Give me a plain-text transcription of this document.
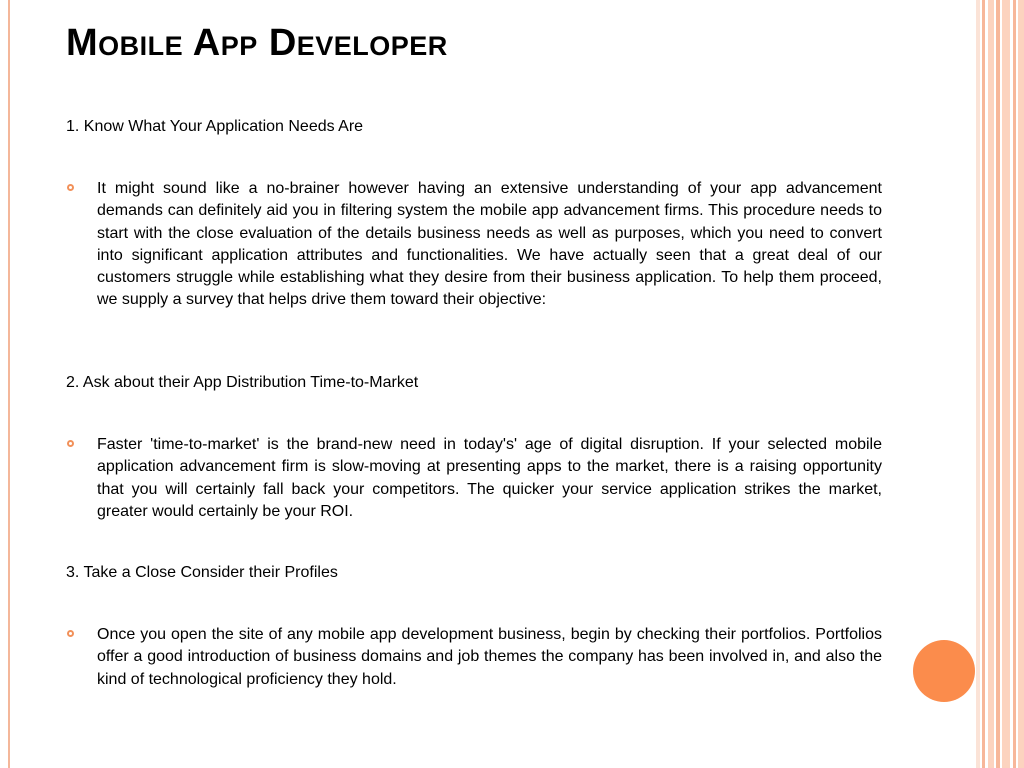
Mobile App Developer

1. Know What Your Application Needs Are

It might sound like a no-brainer however having an extensive understanding of your app advancement demands can definitely aid you in filtering system the mobile app advancement firms. This procedure needs to start with the close evaluation of the details business needs as well as purposes, which you need to convert into significant application attributes and functionalities. We have actually seen that a great deal of our customers struggle while establishing what they desire from their business application. To help them proceed, we supply a survey that helps drive them toward their objective:

2. Ask about their App Distribution Time-to-Market

Faster 'time-to-market' is the brand-new need in today's' age of digital disruption. If your selected mobile application advancement firm is slow-moving at presenting apps to the market, there is a raising opportunity that you will certainly fall back your competitors. The quicker your service application strikes the market, greater would certainly be your ROI.

3. Take a Close Consider their Profiles

Once you open the site of any mobile app development business, begin by checking their portfolios. Portfolios offer a good introduction of business domains and job themes the company has been involved in, and also the kind of technological proficiency they hold.
